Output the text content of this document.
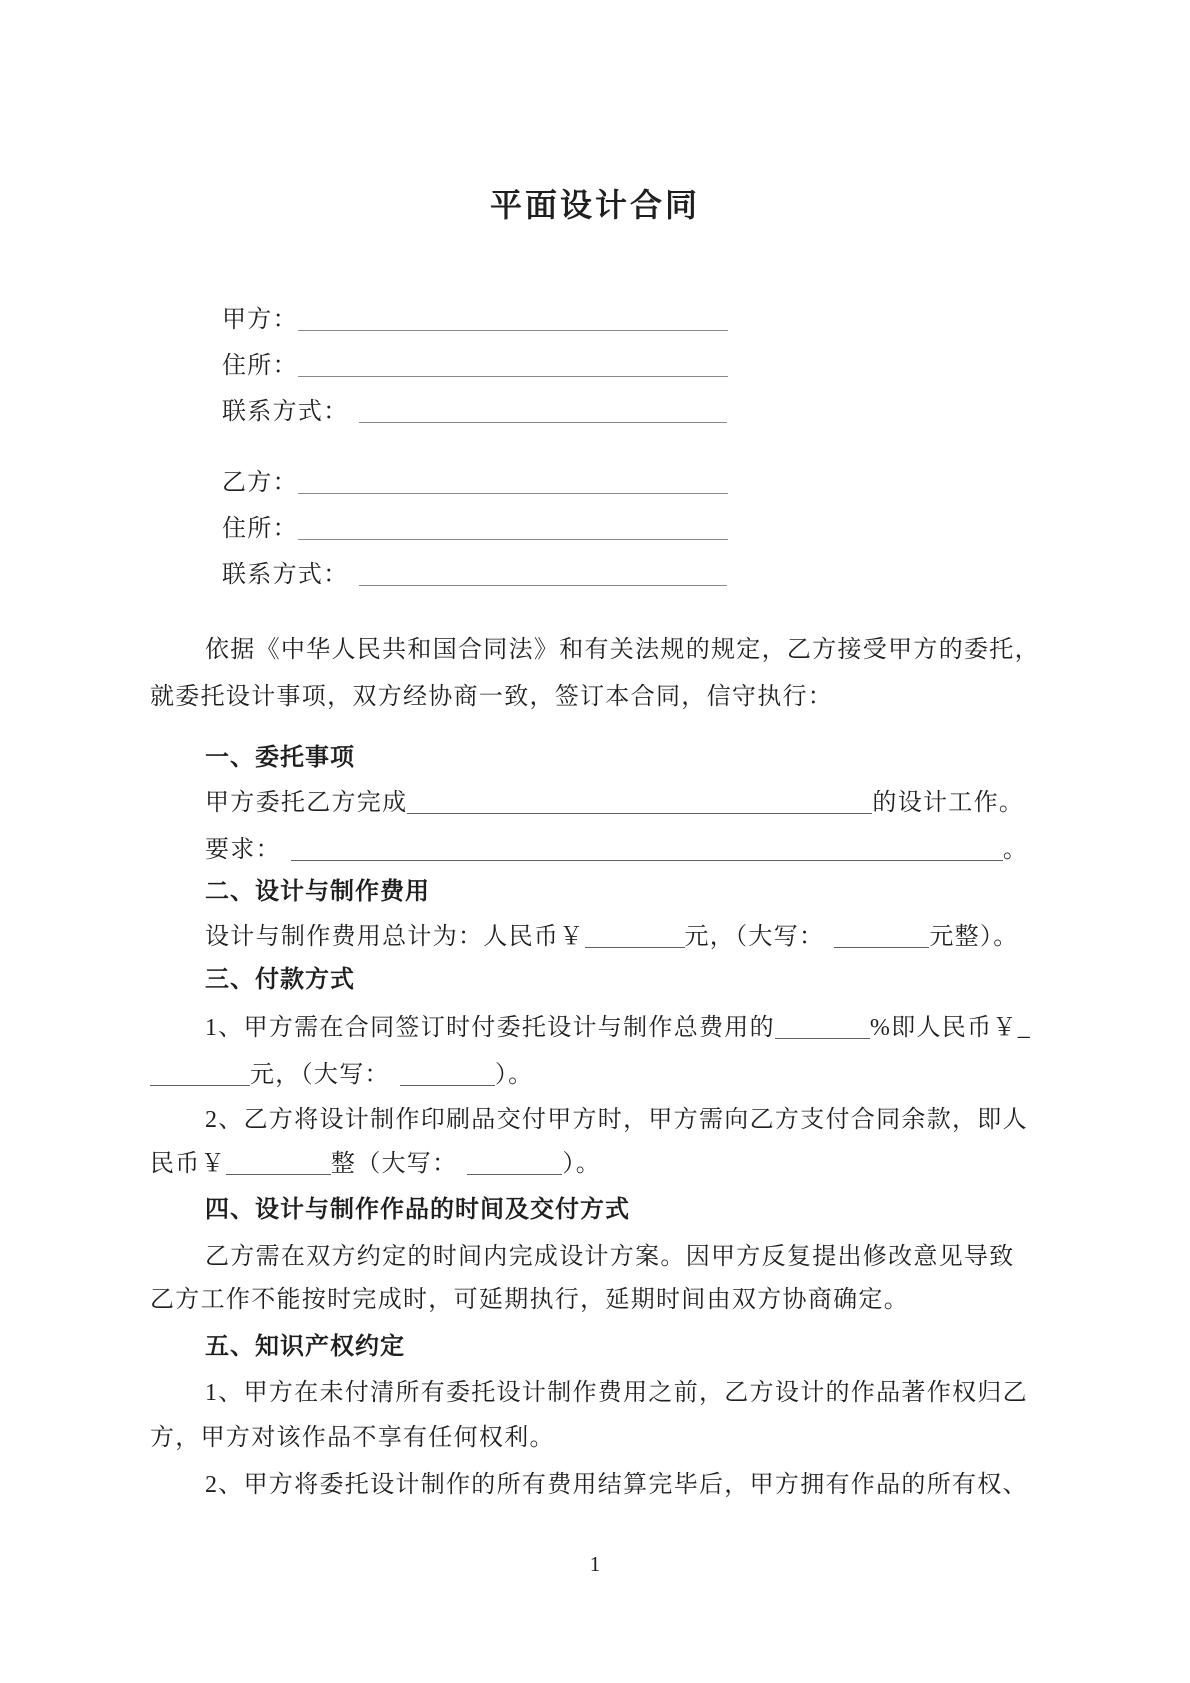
平面设计合同
甲方：
住所：
联系方式：
乙方：
住所：
联系方式：
依据《中华人民共和国合同法》和有关法规的规定，乙方接受甲方的委托，
就委托设计事项，双方经协商一致，签订本合同，信守执行：
一、委托事项
甲方委托乙方完成	的设计工作。
要求：	。
二、设计与制作费用
设计与制作费用总计为：人民币￥	元，（大写：	元整）。
三、付款方式
1、甲方需在合同签订时付委托设计与制作总费用的	%即人民币￥_
元，（大写：	）。
2、乙方将设计制作印刷品交付甲方时，甲方需向乙方支付合同余款，即人
民币￥	整（大写：	）。
四、设计与制作作品的时间及交付方式
乙方需在双方约定的时间内完成设计方案。因甲方反复提出修改意见导致
乙方工作不能按时完成时，可延期执行，延期时间由双方协商确定。
五、知识产权约定
1、甲方在未付清所有委托设计制作费用之前，乙方设计的作品著作权归乙
方，甲方对该作品不享有任何权利。
2、甲方将委托设计制作的所有费用结算完毕后，甲方拥有作品的所有权、
1
